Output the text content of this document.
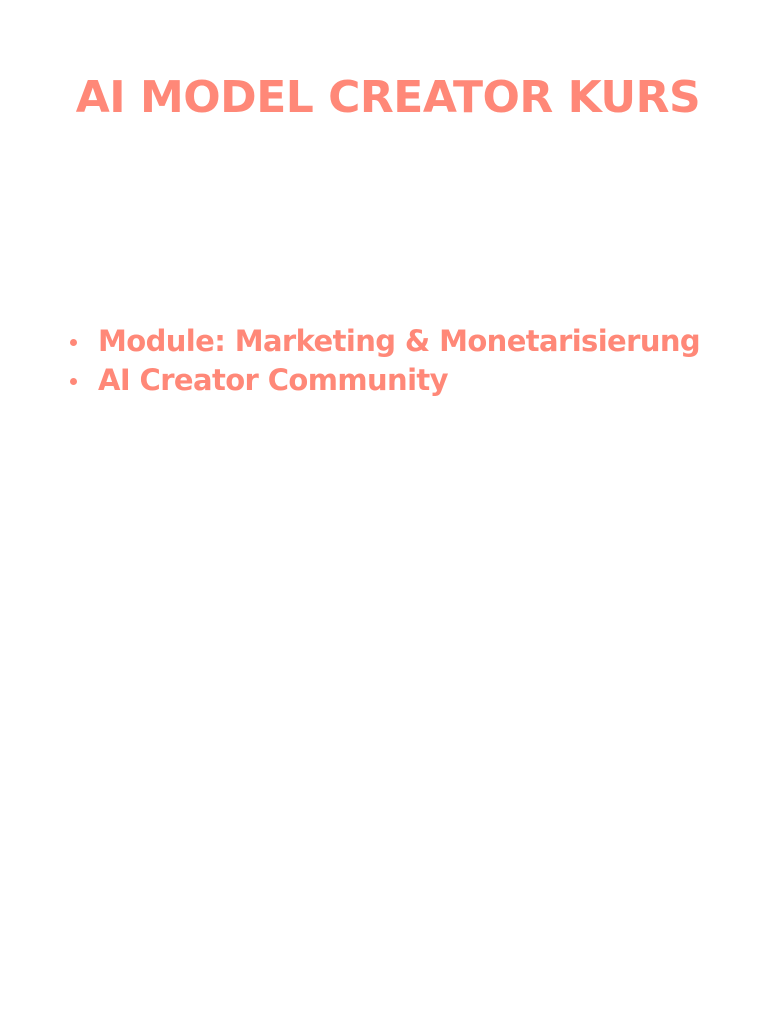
AI MODEL CREATOR KURS
Module: Marketing & Monetarisierung
AI Creator Community
